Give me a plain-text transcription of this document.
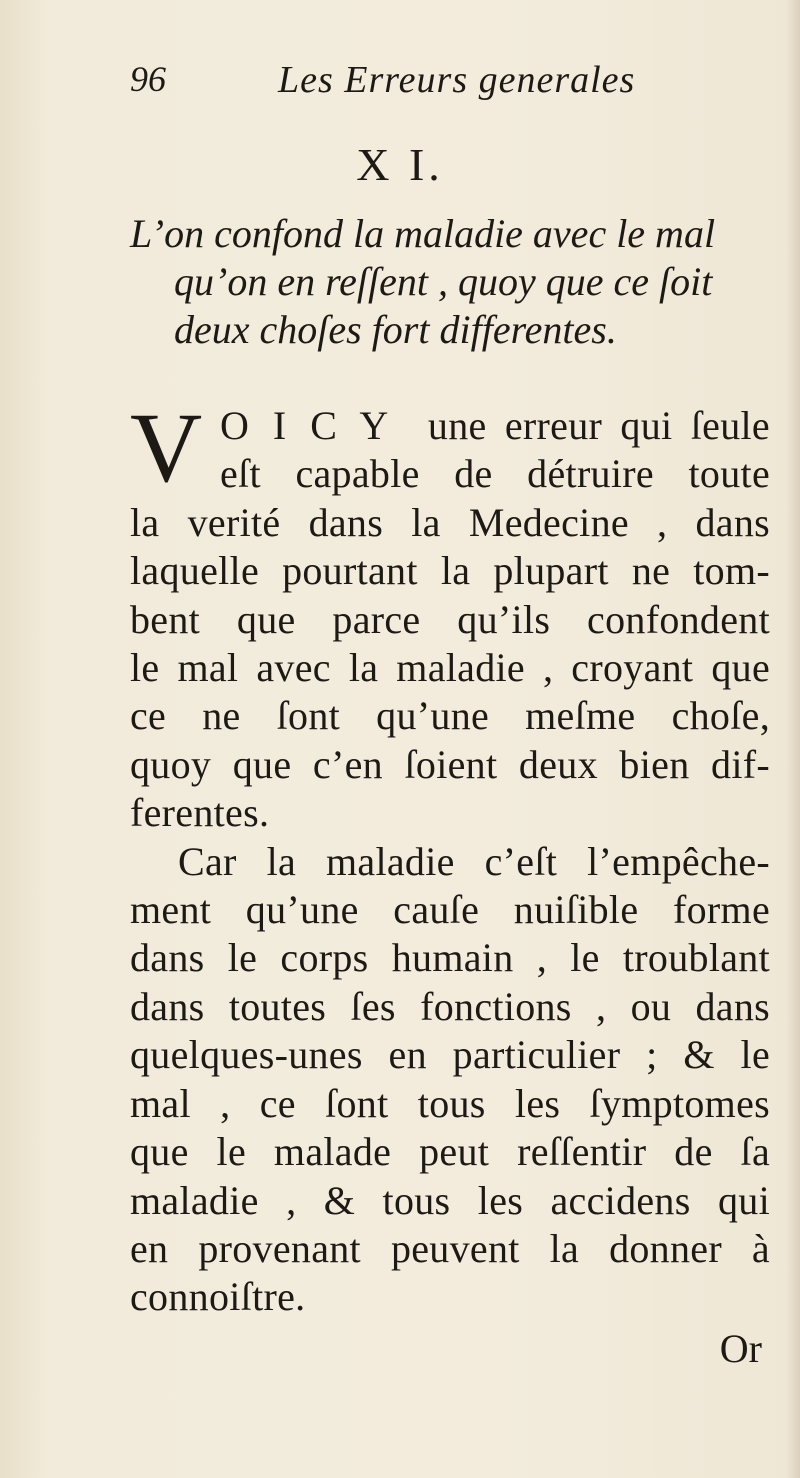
96	Les Erreurs generales
X I.
L’on confond la maladie avec le mal
qu’on en reſſent , quoy que ce ſoit
deux choſes fort differentes.
V O I C Y une erreur qui ſeule
eſt capable de détruire toute
la verité dans la Medecine , dans
laquelle pourtant la plupart ne tom-
bent que parce qu’ils confondent
le mal avec la maladie , croyant que
ce ne ſont qu’une meſme choſe,
quoy que c’en ſoient deux bien dif-
ferentes.
Car la maladie c’eſt l’empêche-
ment qu’une cauſe nuiſible forme
dans le corps humain , le troublant
dans toutes ſes fonctions , ou dans
quelques-unes en particulier ; & le
mal , ce ſont tous les ſymptomes
que le malade peut reſſentir de ſa
maladie , & tous les accidens qui
en provenant peuvent la donner à
connoiſtre.
Or
